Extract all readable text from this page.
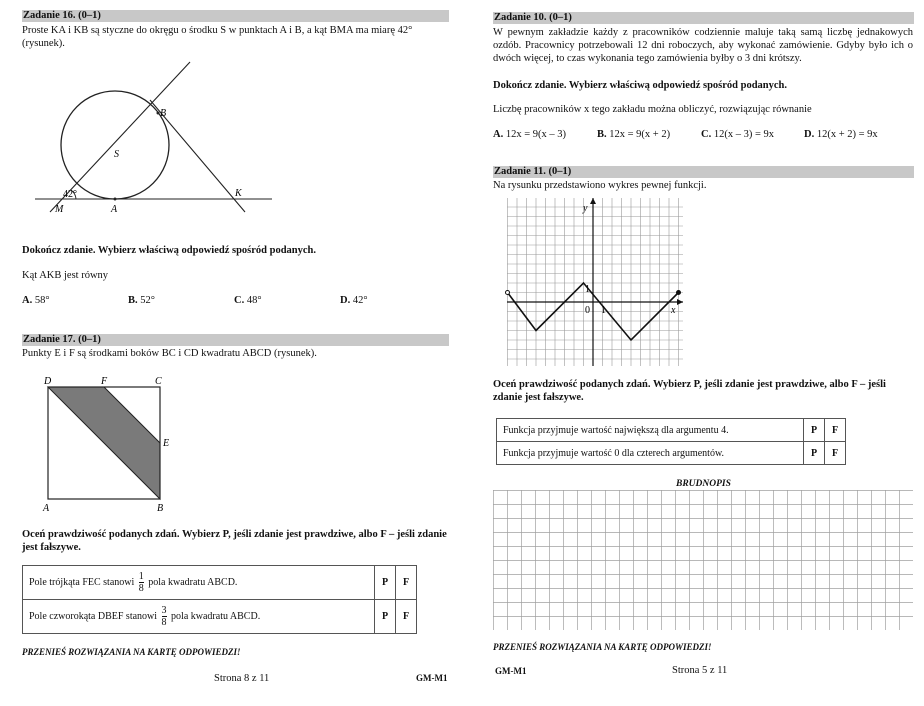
Zadanie 16. (0–1)
Proste KA i KB są styczne do okręgu o środku S w punktach A i B, a kąt BMA ma miarę 42° (rysunek).
B
S
K
42°
M	A
Dokończ zdanie. Wybierz właściwą odpowiedź spośród podanych.
Kąt AKB jest równy
A. 58°	B. 52°	C. 48°	D. 42°
Zadanie 17. (0–1)
Punkty E i F są środkami boków BC i CD kwadratu ABCD (rysunek).
D	F	C
E
A	B
Oceń prawdziwość podanych zdań. Wybierz P, jeśli zdanie jest prawdziwe, albo F – jeśli zdanie jest fałszywe.
Pole trójkąta FEC stanowi $\frac{1}{8}$ pola kwadratu ABCD.	P	F
Pole czworokąta DBEF stanowi $\frac{3}{8}$ pola kwadratu ABCD.	P	F
PRZENIEŚ ROZWIĄZANIA NA KARTĘ ODPOWIEDZI!
Strona 8 z 11	GM-M1
Zadanie 10. (0–1)
W pewnym zakładzie każdy z pracowników codziennie maluje taką samą liczbę jednakowych ozdób. Pracownicy potrzebowali 12 dni roboczych, aby wykonać zamówienie. Gdyby było ich o dwóch więcej, to czas wykonania tego zamówienia byłby o 3 dni krótszy.
Dokończ zdanie. Wybierz właściwą odpowiedź spośród podanych.
Liczbę pracowników x tego zakładu można obliczyć, rozwiązując równanie
A. 12x = 9(x – 3)	B. 12x = 9(x + 2)	C. 12(x – 3) = 9x	D. 12(x + 2) = 9x
Zadanie 11. (0–1)
Na rysunku przedstawiono wykres pewnej funkcji.
y
x
1
0 1
Oceń prawdziwość podanych zdań. Wybierz P, jeśli zdanie jest prawdziwe, albo F – jeśli zdanie jest fałszywe.
Funkcja przyjmuje wartość największą dla argumentu 4.	P	F
Funkcja przyjmuje wartość 0 dla czterech argumentów.	P	F
BRUDNOPIS
PRZENIEŚ ROZWIĄZANIA NA KARTĘ ODPOWIEDZI!
GM-M1	Strona 5 z 11
